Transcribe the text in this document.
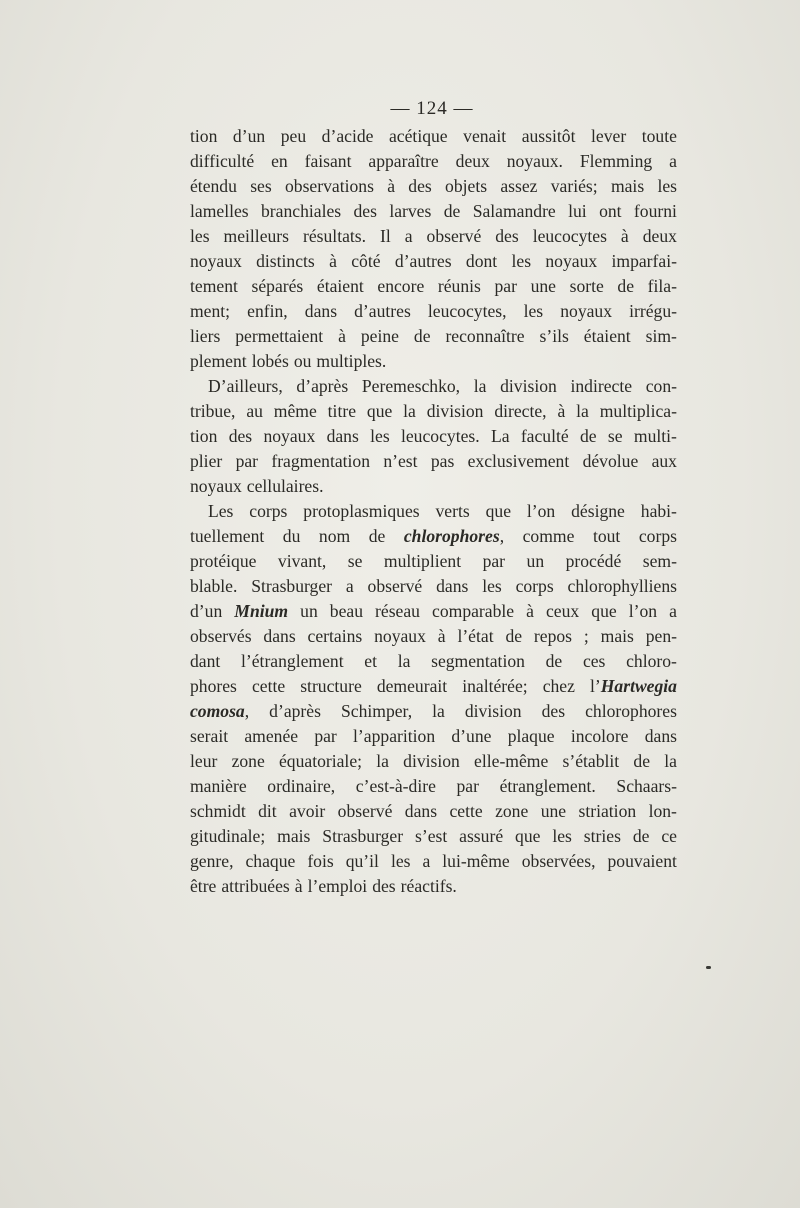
— 124 —
tion d’un peu d’acide acétique venait aussitôt lever toute
difficulté en faisant apparaître deux noyaux. Flemming a
étendu ses observations à des objets assez variés; mais les
lamelles branchiales des larves de Salamandre lui ont fourni
les meilleurs résultats. Il a observé des leucocytes à deux
noyaux distincts à côté d’autres dont les noyaux imparfai-
tement séparés étaient encore réunis par une sorte de fila-
ment; enfin, dans d’autres leucocytes, les noyaux irrégu-
liers permettaient à peine de reconnaître s’ils étaient sim-
plement lobés ou multiples.
D’ailleurs, d’après Peremeschko, la division indirecte con-
tribue, au même titre que la division directe, à la multiplica-
tion des noyaux dans les leucocytes. La faculté de se multi-
plier par fragmentation n’est pas exclusivement dévolue aux
noyaux cellulaires.
Les corps protoplasmiques verts que l’on désigne habi-
tuellement du nom de chlorophores, comme tout corps
protéique vivant, se multiplient par un procédé sem-
blable. Strasburger a observé dans les corps chlorophylliens
d’un Mnium un beau réseau comparable à ceux que l’on a
observés dans certains noyaux à l’état de repos ; mais pen-
dant l’étranglement et la segmentation de ces chloro-
phores cette structure demeurait inaltérée; chez l’Hartwegia
comosa, d’après Schimper, la division des chlorophores
serait amenée par l’apparition d’une plaque incolore dans
leur zone équatoriale; la division elle-même s’établit de la
manière ordinaire, c’est-à-dire par étranglement. Schaars-
schmidt dit avoir observé dans cette zone une striation lon-
gitudinale; mais Strasburger s’est assuré que les stries de ce
genre, chaque fois qu’il les a lui-même observées, pouvaient
être attribuées à l’emploi des réactifs.
